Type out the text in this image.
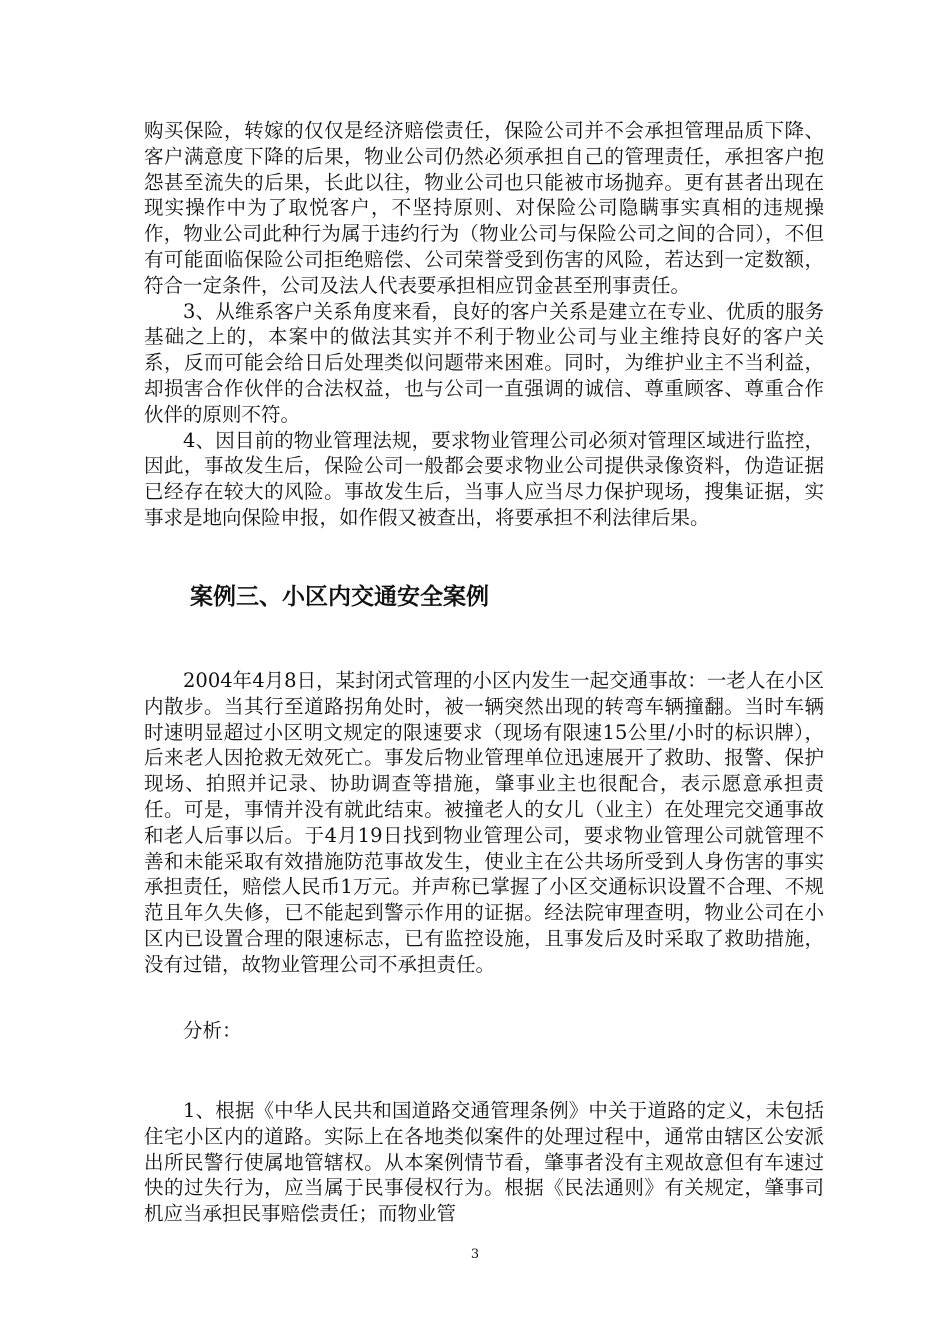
购买保险，转嫁的仅仅是经济赔偿责任，保险公司并不会承担管理品质下降、客户满意度下降的后果，物业公司仍然必须承担自己的管理责任，承担客户抱怨甚至流失的后果，长此以往，物业公司也只能被市场抛弃。更有甚者出现在现实操作中为了取悦客户，不坚持原则、对保险公司隐瞒事实真相的违规操作，物业公司此种行为属于违约行为（物业公司与保险公司之间的合同），不但有可能面临保险公司拒绝赔偿、公司荣誉受到伤害的风险，若达到一定数额，符合一定条件，公司及法人代表要承担相应罚金甚至刑事责任。

3、从维系客户关系角度来看，良好的客户关系是建立在专业、优质的服务基础之上的，本案中的做法其实并不利于物业公司与业主维持良好的客户关系，反而可能会给日后处理类似问题带来困难。同时，为维护业主不当利益，却损害合作伙伴的合法权益，也与公司一直强调的诚信、尊重顾客、尊重合作伙伴的原则不符。

4、因目前的物业管理法规，要求物业管理公司必须对管理区域进行监控，因此，事故发生后，保险公司一般都会要求物业公司提供录像资料，伪造证据已经存在较大的风险。事故发生后，当事人应当尽力保护现场，搜集证据，实事求是地向保险申报，如作假又被查出，将要承担不利法律后果。

案例三、小区内交通安全案例

2004年4月8日，某封闭式管理的小区内发生一起交通事故：一老人在小区内散步。当其行至道路拐角处时，被一辆突然出现的转弯车辆撞翻。当时车辆时速明显超过小区明文规定的限速要求（现场有限速15公里/小时的标识牌），后来老人因抢救无效死亡。事发后物业管理单位迅速展开了救助、报警、保护现场、拍照并记录、协助调查等措施，肇事业主也很配合，表示愿意承担责任。可是，事情并没有就此结束。被撞老人的女儿（业主）在处理完交通事故和老人后事以后。于4月19日找到物业管理公司，要求物业管理公司就管理不善和未能采取有效措施防范事故发生，使业主在公共场所受到人身伤害的事实承担责任，赔偿人民币1万元。并声称已掌握了小区交通标识设置不合理、不规范且年久失修，已不能起到警示作用的证据。经法院审理查明，物业公司在小区内已设置合理的限速标志，已有监控设施，且事发后及时采取了救助措施，没有过错，故物业管理公司不承担责任。

分析：

1、根据《中华人民共和国道路交通管理条例》中关于道路的定义，未包括住宅小区内的道路。实际上在各地类似案件的处理过程中，通常由辖区公安派出所民警行使属地管辖权。从本案例情节看，肇事者没有主观故意但有车速过快的过失行为，应当属于民事侵权行为。根据《民法通则》有关规定，肇事司机应当承担民事赔偿责任；而物业管

3
